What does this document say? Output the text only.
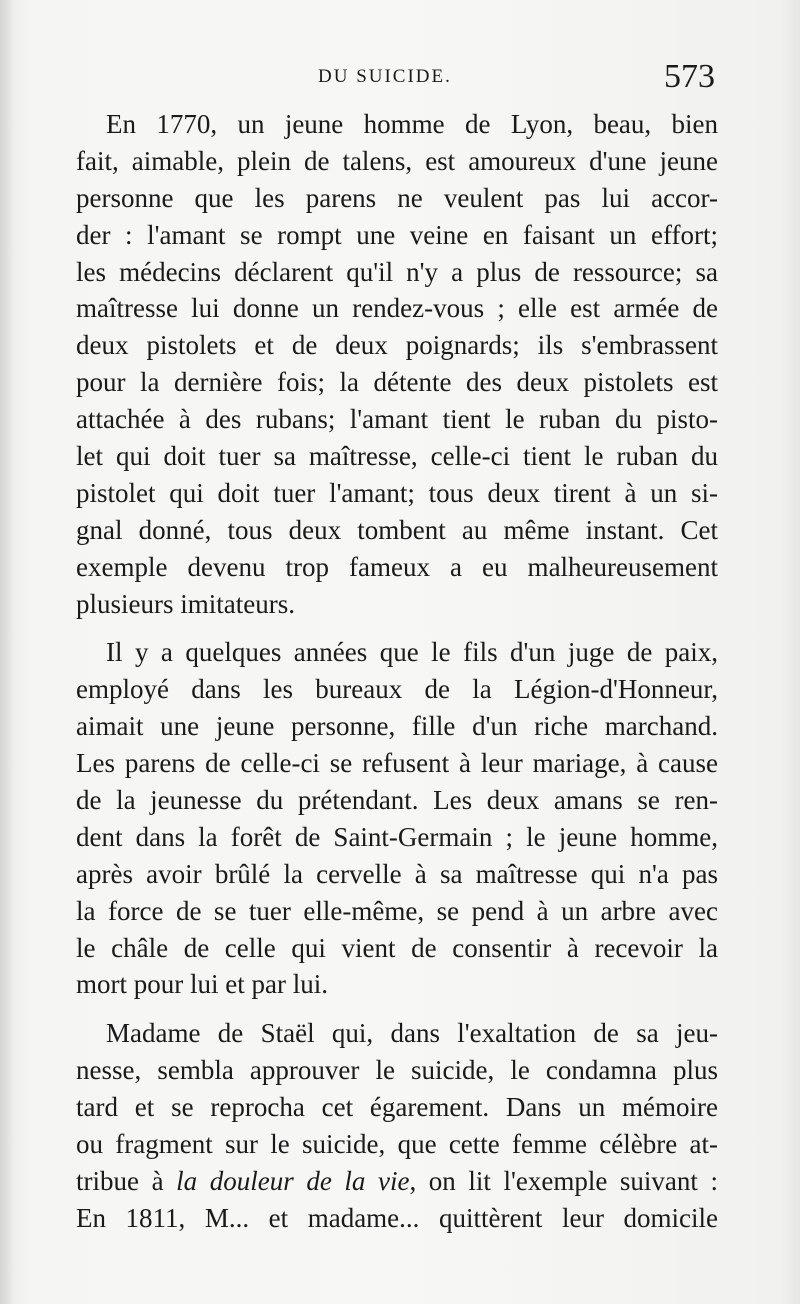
DU SUICIDE.	573
En 1770, un jeune homme de Lyon, beau, bien
fait, aimable, plein de talens, est amoureux d'une jeune
personne que les parens ne veulent pas lui accor-
der : l'amant se rompt une veine en faisant un effort;
les médecins déclarent qu'il n'y a plus de ressource; sa
maîtresse lui donne un rendez-vous ; elle est armée de
deux pistolets et de deux poignards; ils s'embrassent
pour la dernière fois; la détente des deux pistolets est
attachée à des rubans; l'amant tient le ruban du pisto-
let qui doit tuer sa maîtresse, celle-ci tient le ruban du
pistolet qui doit tuer l'amant; tous deux tirent à un si-
gnal donné, tous deux tombent au même instant. Cet
exemple devenu trop fameux a eu malheureusement
plusieurs imitateurs.
Il y a quelques années que le fils d'un juge de paix,
employé dans les bureaux de la Légion-d'Honneur,
aimait une jeune personne, fille d'un riche marchand.
Les parens de celle-ci se refusent à leur mariage, à cause
de la jeunesse du prétendant. Les deux amans se ren-
dent dans la forêt de Saint-Germain ; le jeune homme,
après avoir brûlé la cervelle à sa maîtresse qui n'a pas
la force de se tuer elle-même, se pend à un arbre avec
le châle de celle qui vient de consentir à recevoir la
mort pour lui et par lui.
Madame de Staël qui, dans l'exaltation de sa jeu-
nesse, sembla approuver le suicide, le condamna plus
tard et se reprocha cet égarement. Dans un mémoire
ou fragment sur le suicide, que cette femme célèbre at-
tribue à la douleur de la vie, on lit l'exemple suivant :
En 1811, M... et madame... quittèrent leur domicile
